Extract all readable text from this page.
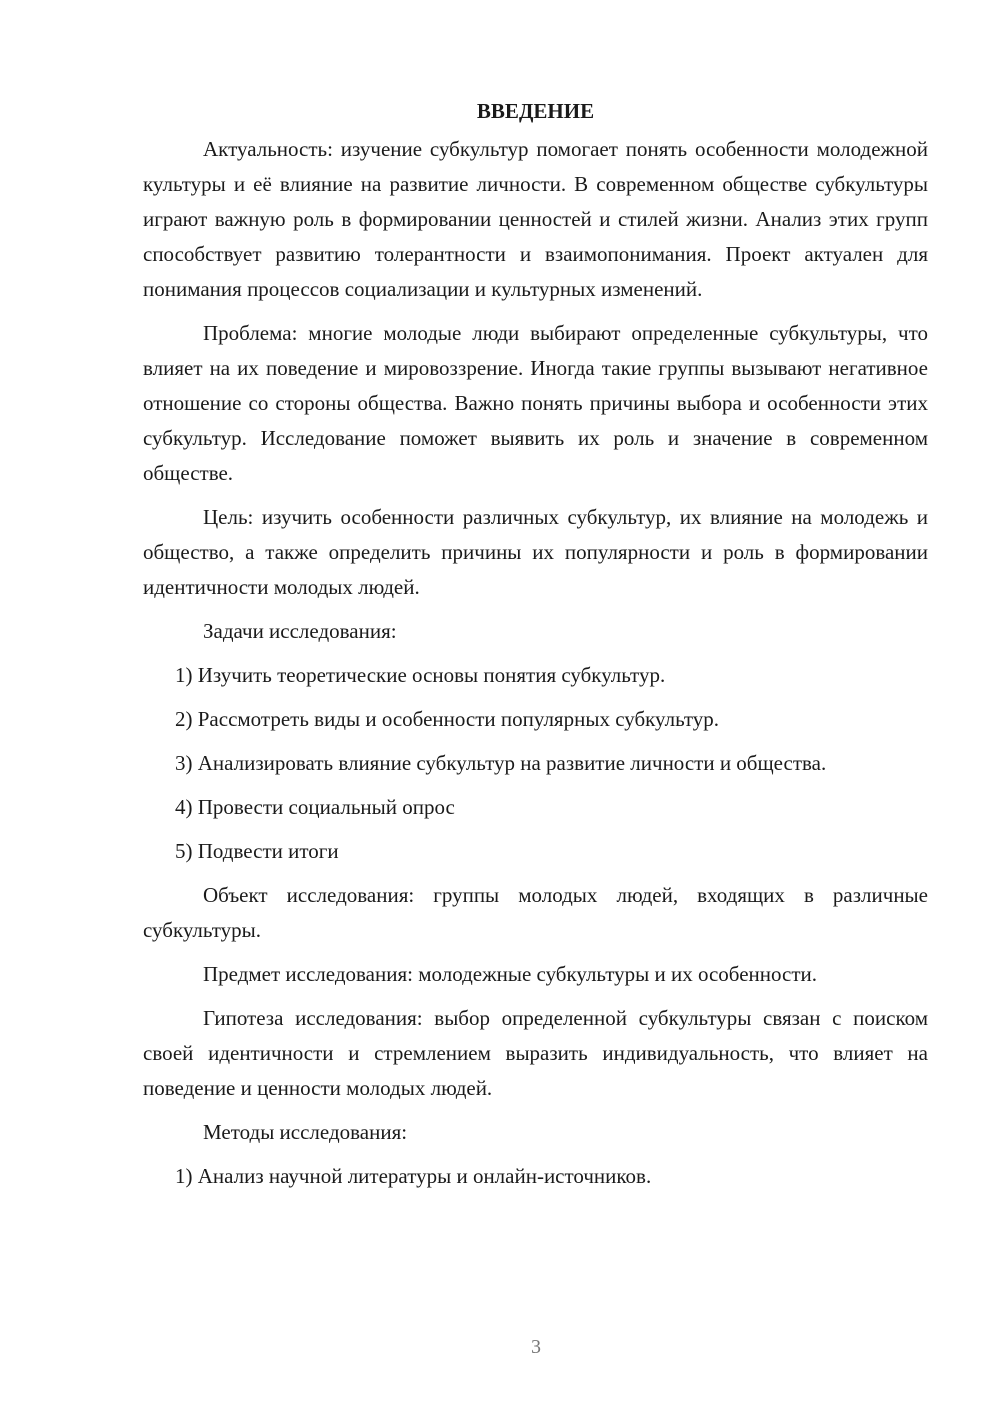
ВВЕДЕНИЕ

Актуальность: изучение субкультур помогает понять особенности молодежной культуры и её влияние на развитие личности. В современном обществе субкультуры играют важную роль в формировании ценностей и стилей жизни. Анализ этих групп способствует развитию толерантности и взаимопонимания. Проект актуален для понимания процессов социализации и культурных изменений.

Проблема: многие молодые люди выбирают определенные субкультуры, что влияет на их поведение и мировоззрение. Иногда такие группы вызывают негативное отношение со стороны общества. Важно понять причины выбора и особенности этих субкультур. Исследование поможет выявить их роль и значение в современном обществе.

Цель: изучить особенности различных субкультур, их влияние на молодежь и общество, а также определить причины их популярности и роль в формировании идентичности молодых людей.

Задачи исследования:

1) Изучить теоретические основы понятия субкультур.

2) Рассмотреть виды и особенности популярных субкультур.

3) Анализировать влияние субкультур на развитие личности и общества.

4) Провести социальный опрос

5) Подвести итоги

Объект исследования: группы молодых людей, входящих в различные субкультуры.

Предмет исследования: молодежные субкультуры и их особенности.

Гипотеза исследования: выбор определенной субкультуры связан с поиском своей идентичности и стремлением выразить индивидуальность, что влияет на поведение и ценности молодых людей.

Методы исследования:

1) Анализ научной литературы и онлайн-источников.

3
